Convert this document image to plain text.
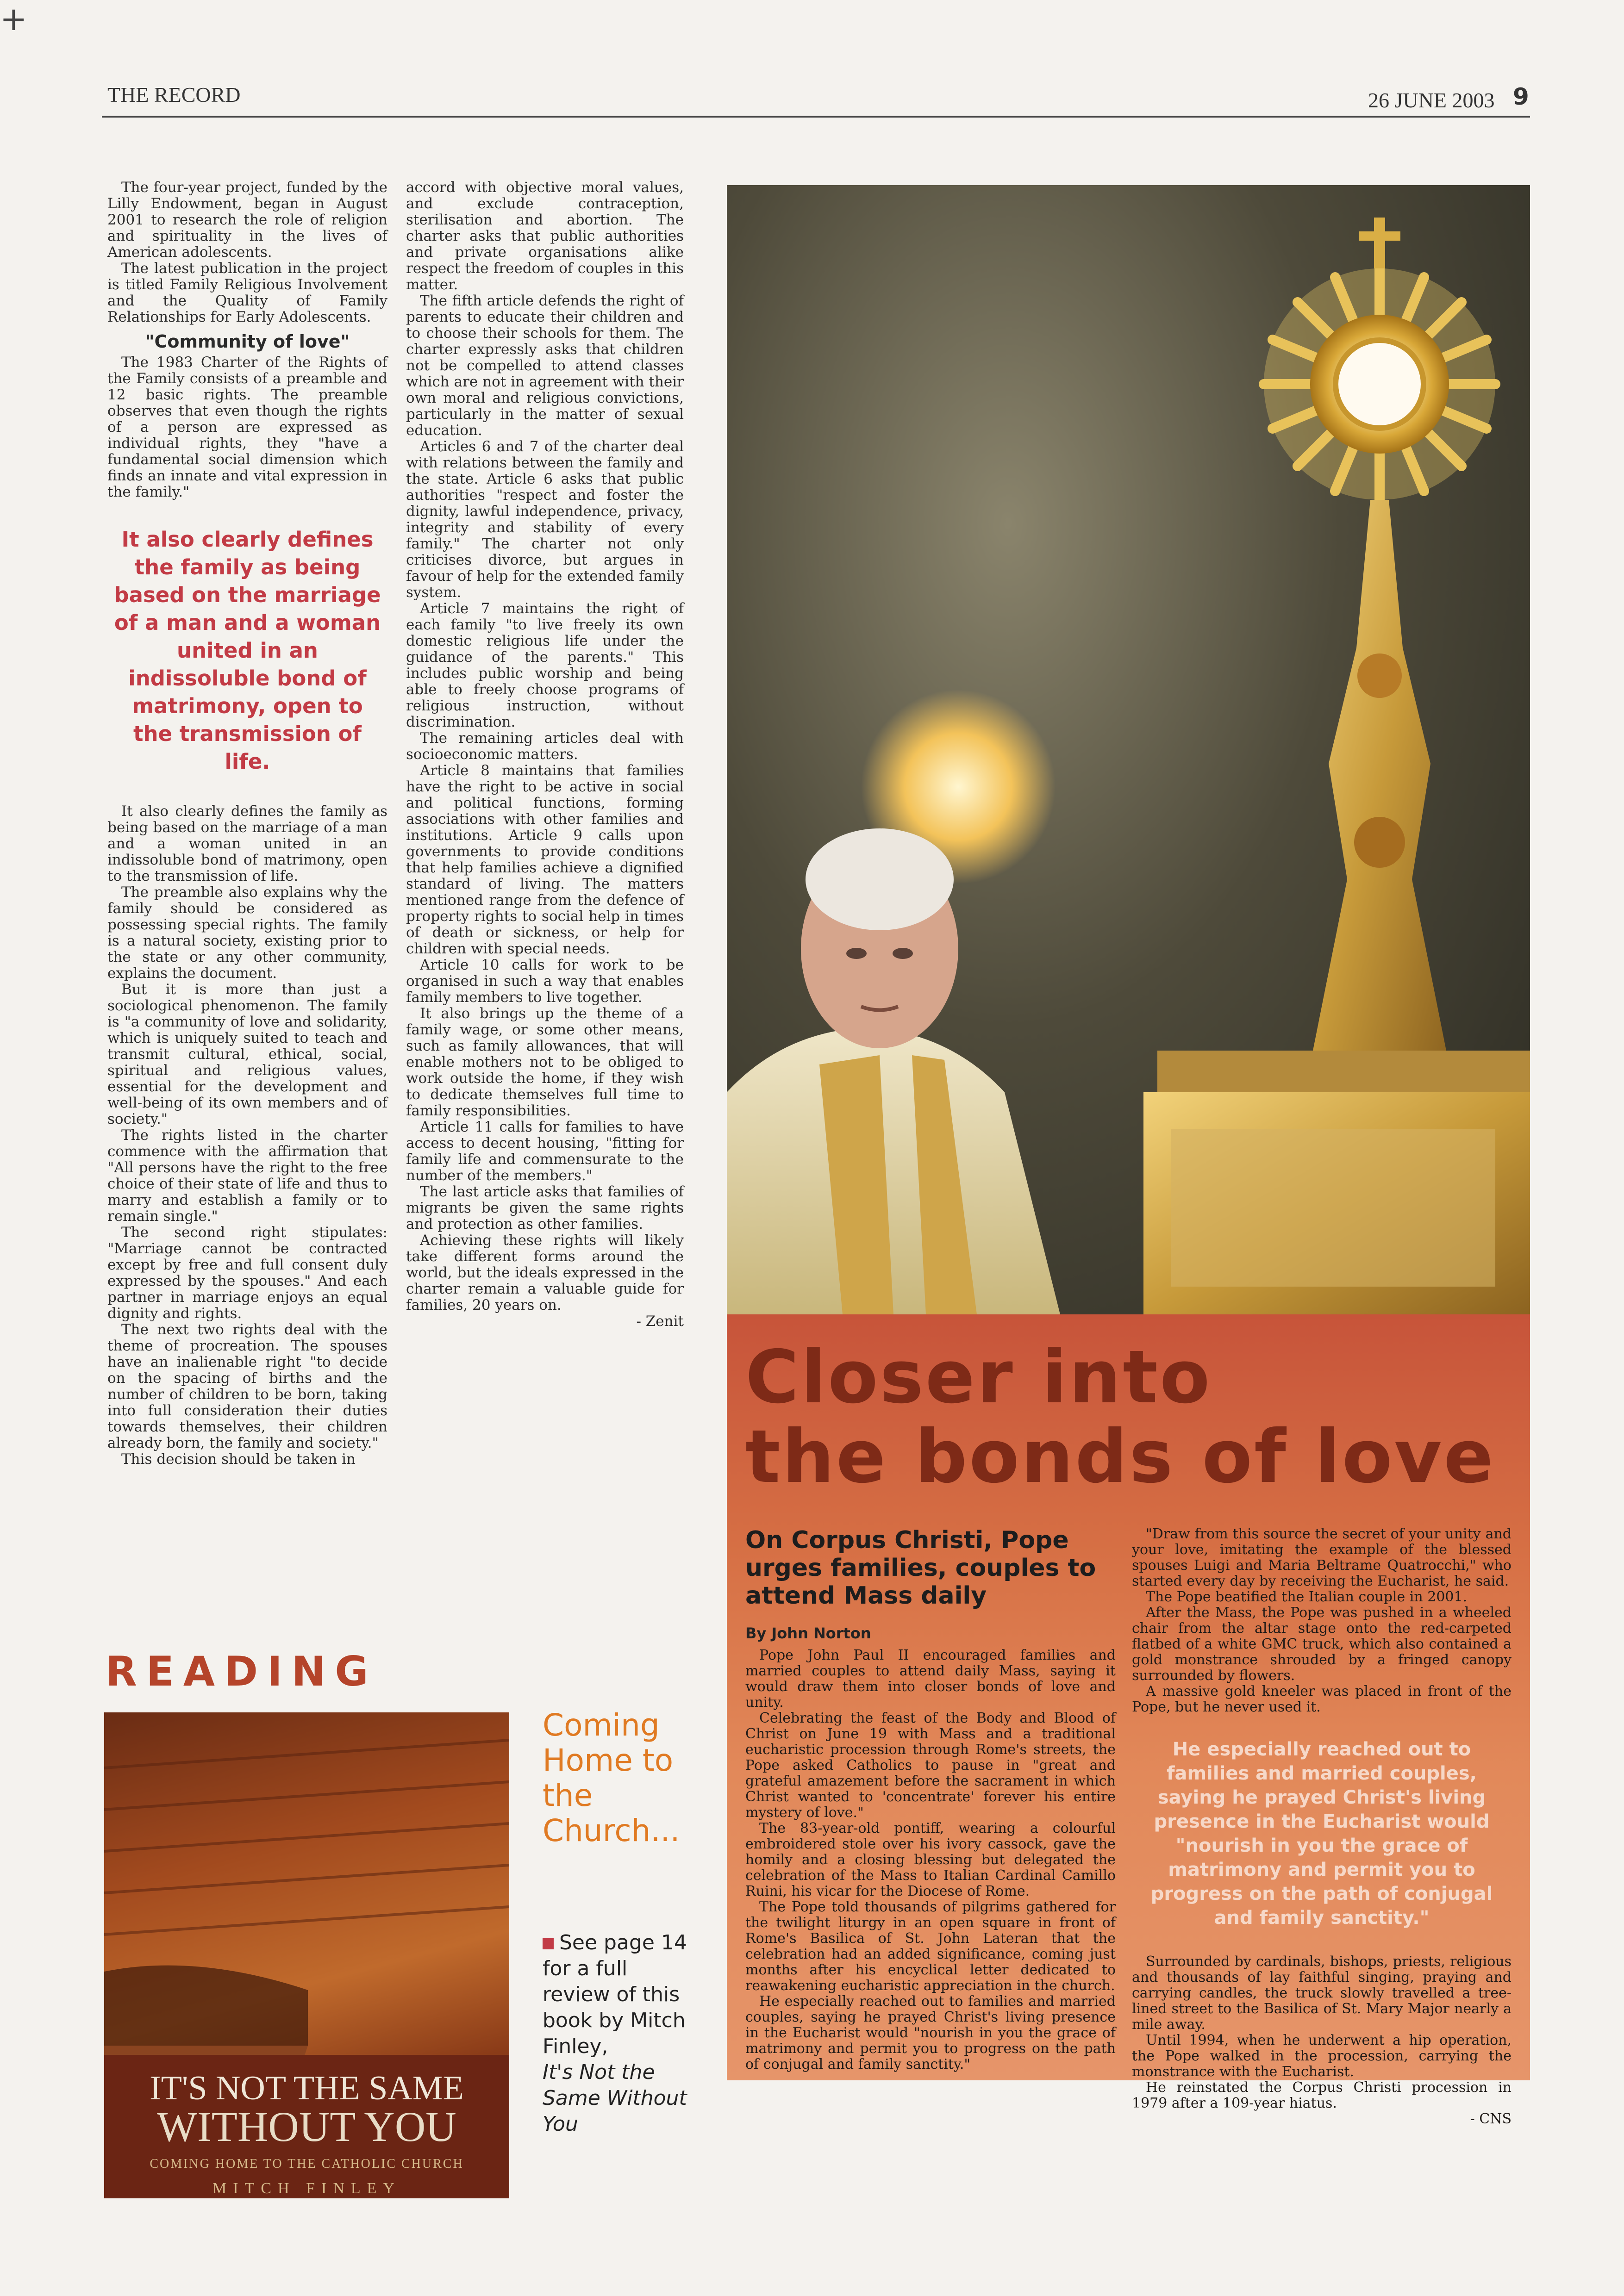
+
THE RECORD	26 JUNE 2003 9

The four-year project, funded by the Lilly Endowment, began in August 2001 to research the role of religion and spirituality in the lives of American adolescents.

The latest publication in the project is titled Family Religious Involvement and the Quality of Family Relationships for Early Adolescents.

"Community of love"

The 1983 Charter of the Rights of the Family consists of a preamble and 12 basic rights. The preamble observes that even though the rights of a person are expressed as individual rights, they "have a fundamental social dimension which finds an innate and vital expression in the family."

It also clearly defines the family as being based on the marriage of a man and a woman united in an indissoluble bond of matrimony, open to the transmission of life.

It also clearly defines the family as being based on the marriage of a man and a woman united in an indissoluble bond of matrimony, open to the transmission of life.

The preamble also explains why the family should be considered as possessing special rights. The family is a natural society, existing prior to the state or any other community, explains the document.

But it is more than just a sociological phenomenon. The family is "a community of love and solidarity, which is uniquely suited to teach and transmit cultural, ethical, social, spiritual and religious values, essential for the development and well-being of its own members and of society."

The rights listed in the charter commence with the affirmation that "All persons have the right to the free choice of their state of life and thus to marry and establish a family or to remain single."

The second right stipulates: "Marriage cannot be contracted except by free and full consent duly expressed by the spouses." And each partner in marriage enjoys an equal dignity and rights.

The next two rights deal with the theme of procreation. The spouses have an inalienable right "to decide on the spacing of births and the number of children to be born, taking into full consideration their duties towards themselves, their children already born, the family and society."

This decision should be taken in

accord with objective moral values, and exclude contraception, sterilisation and abortion. The charter asks that public authorities and private organisations alike respect the freedom of couples in this matter.

The fifth article defends the right of parents to educate their children and to choose their schools for them. The charter expressly asks that children not be compelled to attend classes which are not in agreement with their own moral and religious convictions, particularly in the matter of sexual education.

Articles 6 and 7 of the charter deal with relations between the family and the state. Article 6 asks that public authorities "respect and foster the dignity, lawful independence, privacy, integrity and stability of every family." The charter not only criticises divorce, but argues in favour of help for the extended family system.

Article 7 maintains the right of each family "to live freely its own domestic religious life under the guidance of the parents." This includes public worship and being able to freely choose programs of religious instruction, without discrimination.

The remaining articles deal with socioeconomic matters.

Article 8 maintains that families have the right to be active in social and political functions, forming associations with other families and institutions. Article 9 calls upon governments to provide conditions that help families achieve a dignified standard of living. The matters mentioned range from the defence of property rights to social help in times of death or sickness, or help for children with special needs.

Article 10 calls for work to be organised in such a way that enables family members to live together.

It also brings up the theme of a family wage, or some other means, such as family allowances, that will enable mothers not to be obliged to work outside the home, if they wish to dedicate themselves full time to family responsibilities.

Article 11 calls for families to have access to decent housing, "fitting for family life and commensurate to the number of the members."

The last article asks that families of migrants be given the same rights and protection as other families.

Achieving these rights will likely take different forms around the world, but the ideals expressed in the charter remain a valuable guide for families, 20 years on.

- Zenit
Closer into
the bonds of love
On Corpus Christi, Pope urges families, couples to attend Mass daily
By John Norton

Pope John Paul II encouraged families and married couples to attend daily Mass, saying it would draw them into closer bonds of love and unity.

Celebrating the feast of the Body and Blood of Christ on June 19 with Mass and a traditional eucharistic procession through Rome's streets, the Pope asked Catholics to pause in "great and grateful amazement before the sacrament in which Christ wanted to 'concentrate' forever his entire mystery of love."

The 83-year-old pontiff, wearing a colourful embroidered stole over his ivory cassock, gave the homily and a closing blessing but delegated the celebration of the Mass to Italian Cardinal Camillo Ruini, his vicar for the Diocese of Rome.

The Pope told thousands of pilgrims gathered for the twilight liturgy in an open square in front of Rome's Basilica of St. John Lateran that the celebration had an added significance, coming just months after his encyclical letter dedicated to reawakening eucharistic appreciation in the church.

He especially reached out to families and married couples, saying he prayed Christ's living presence in the Eucharist would "nourish in you the grace of matrimony and permit you to progress on the path of conjugal and family sanctity."

"Draw from this source the secret of your unity and your love, imitating the example of the blessed spouses Luigi and Maria Beltrame Quatrocchi," who started every day by receiving the Eucharist, he said.

The Pope beatified the Italian couple in 2001.

After the Mass, the Pope was pushed in a wheeled chair from the altar stage onto the red-carpeted flatbed of a white GMC truck, which also contained a gold monstrance shrouded by a fringed canopy surrounded by flowers.

A massive gold kneeler was placed in front of the Pope, but he never used it.

He especially reached out to families and married couples, saying he prayed Christ's living presence in the Eucharist would "nourish in you the grace of matrimony and permit you to progress on the path of conjugal and family sanctity."

Surrounded by cardinals, bishops, priests, religious and thousands of lay faithful singing, praying and carrying candles, the truck slowly travelled a tree-lined street to the Basilica of St. Mary Major nearly a mile away.

Until 1994, when he underwent a hip operation, the Pope walked in the procession, carrying the monstrance with the Eucharist.

He reinstated the Corpus Christi procession in 1979 after a 109-year hiatus.

- CNS
READING
IT'S NOT THE SAME
WITHOUT YOU
COMING HOME TO THE CATHOLIC CHURCH
MITCH FINLEY
Coming Home to the Church...
See page 14 for a full review of this book by Mitch Finley,
It's Not the Same Without You
